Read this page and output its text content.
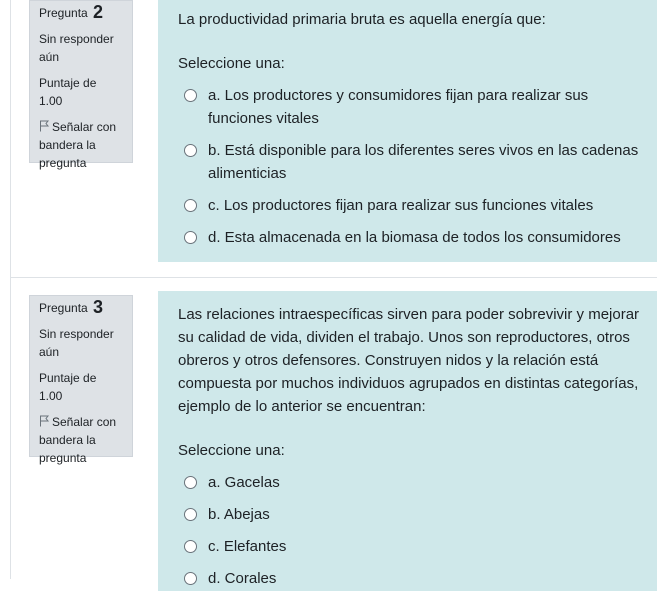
Pregunta 2
Sin responder aún
Puntaje de 1.00
Señalar con bandera la pregunta
La productividad primaria bruta es aquella energía que:
Seleccione una:
a. Los productores y consumidores fijan para realizar sus funciones vitales
b. Está disponible para los diferentes seres vivos en las cadenas alimenticias
c. Los productores fijan para realizar sus funciones vitales
d. Esta almacenada en la biomasa de todos los consumidores
Pregunta 3
Sin responder aún
Puntaje de 1.00
Señalar con bandera la pregunta
Las relaciones intraespecíficas sirven para poder sobrevivir y mejorar su calidad de vida, dividen el trabajo. Unos son reproductores, otros obreros y otros defensores. Construyen nidos y la relación está compuesta por muchos individuos agrupados en distintas categorías, ejemplo de lo anterior se encuentran:
Seleccione una:
a. Gacelas
b. Abejas
c. Elefantes
d. Corales
